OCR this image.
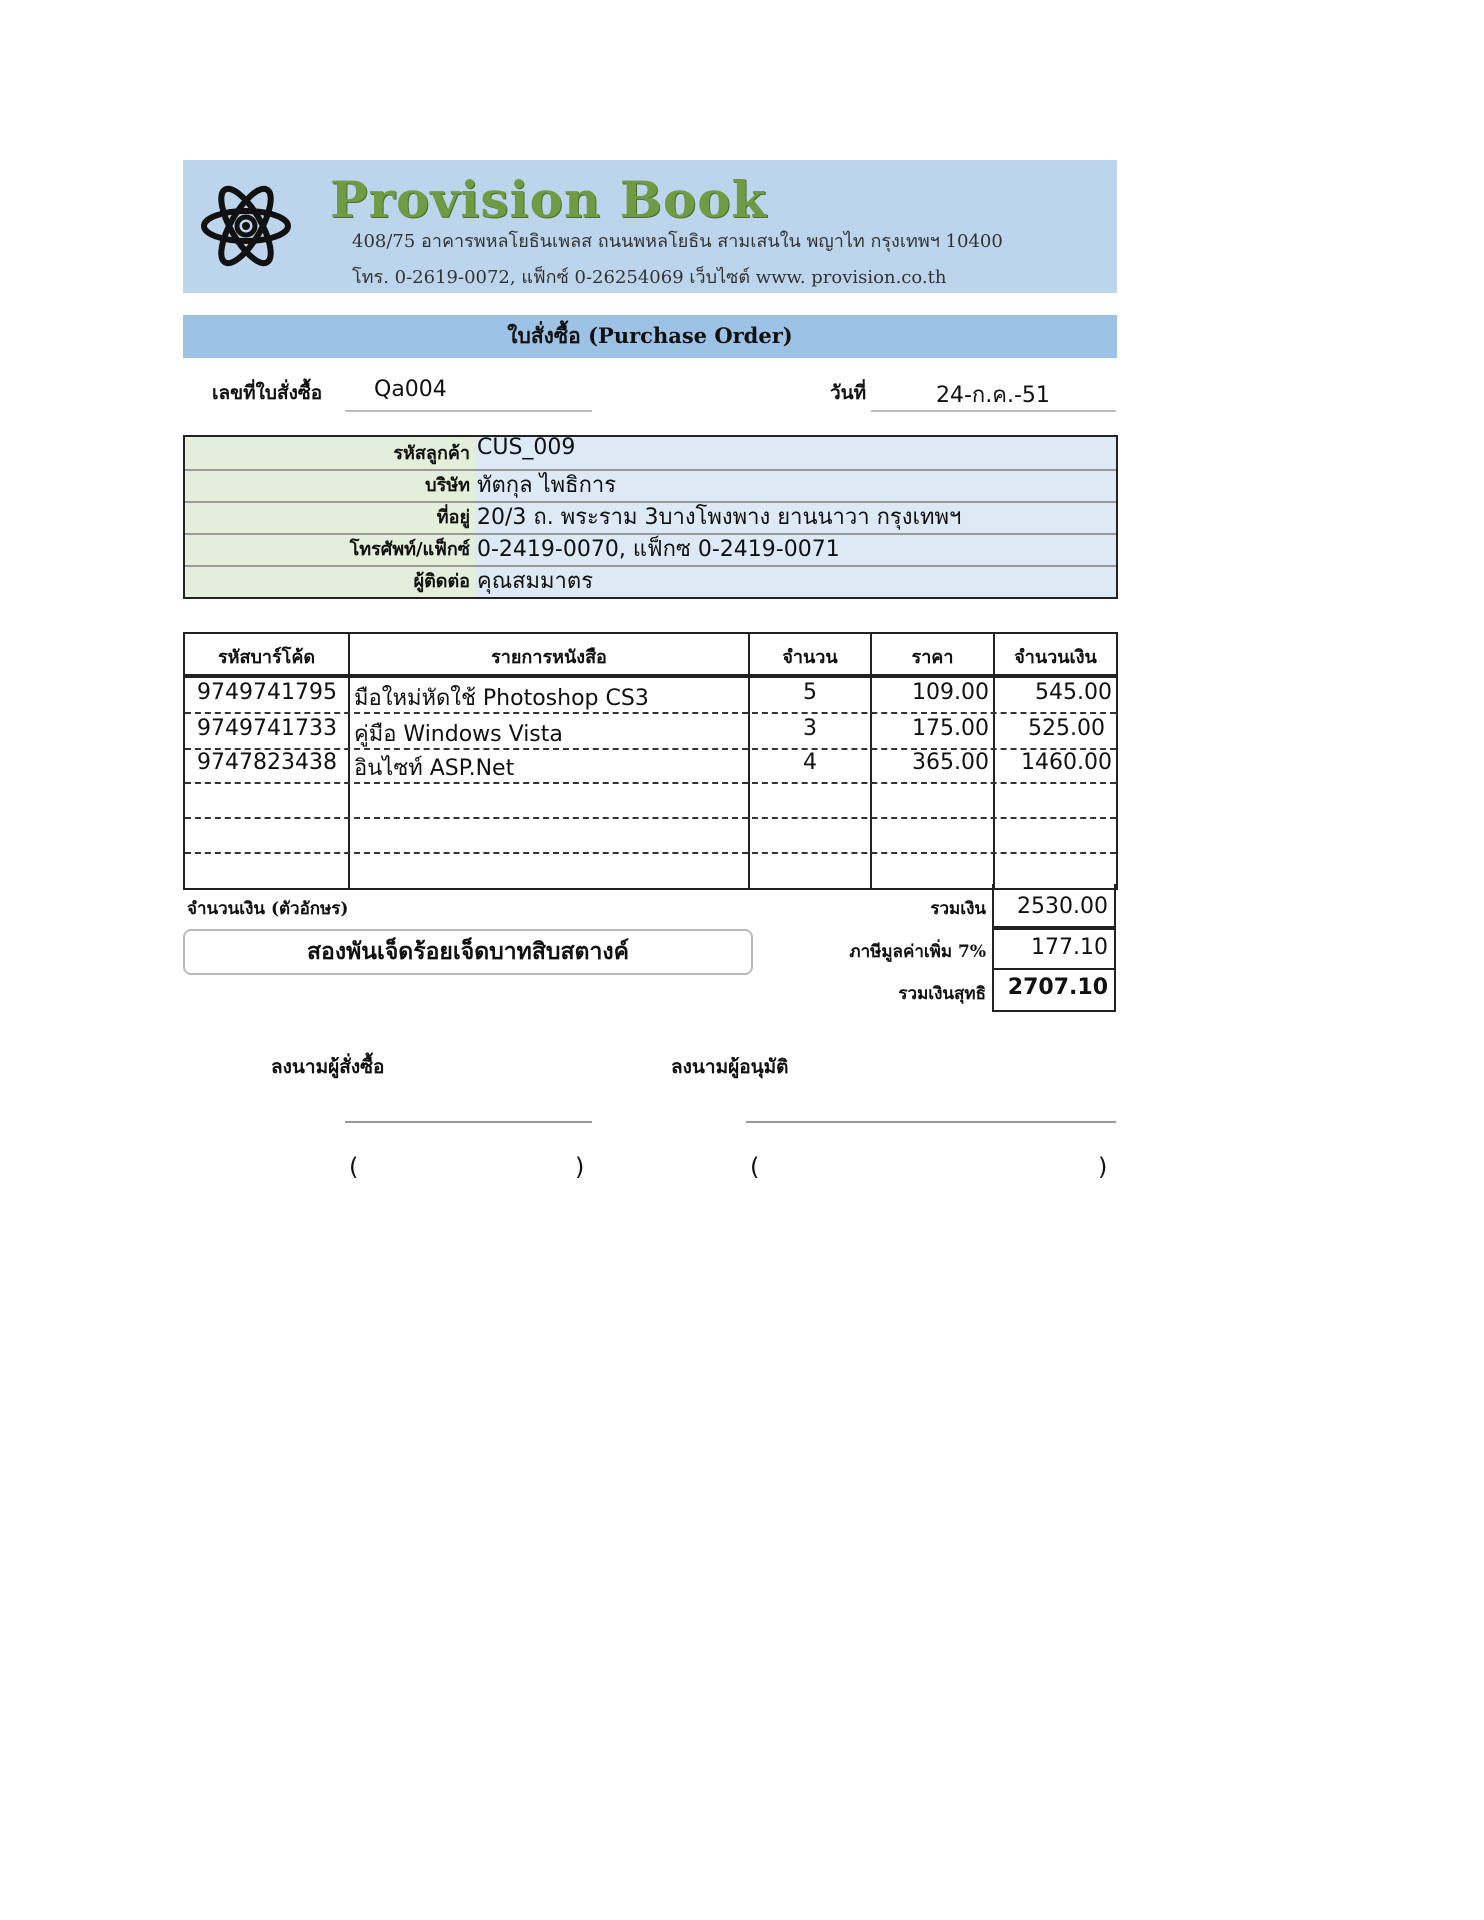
Provision Book
408/75 อาคารพหลโยธินเพลส ถนนพหลโยธิน สามเสนใน พญาไท กรุงเทพฯ 10400
โทร. 0-2619-0072, แฟ็กซ์ 0-26254069 เว็บไซต์ www. provision.co.th
ใบสั่งซื้อ (Purchase Order)
เลขที่ใบสั่งซื้อ Qa004	วันที่	24-ก.ค.-51
รหัสลูกค้า CUS_009
บริษัท ทัตกุล ไพธิการ
ที่อยู่ 20/3 ถ. พระราม 3บางโพงพาง ยานนาวา กรุงเทพฯ
โทรศัพท์/แฟ็กซ์ 0-2419-0070, แฟ็กซ 0-2419-0071
ผู้ติดต่อ คุณสมมาตร
รหัสบาร์โค้ด	รายการหนังสือ	จำนวน	ราคา	จำนวนเงิน
9749741795 มือใหม่หัดใช้ Photoshop CS3	5	109.00	545.00
9749741733 คู่มือ Windows Vista	3	175.00	525.00
9747823438 อินไซท์ ASP.Net	4	365.00	1460.00
จำนวนเงิน (ตัวอักษร)
สองพันเจ็ดร้อยเจ็ดบาทสิบสตางค์
รวมเงิน 2530.00
ภาษีมูลค่าเพิ่ม 7% 177.10
รวมเงินสุทธิ 2707.10
ลงนามผู้สั่งซื้อ	ลงนามผู้อนุมัติ
(	)	(	)
